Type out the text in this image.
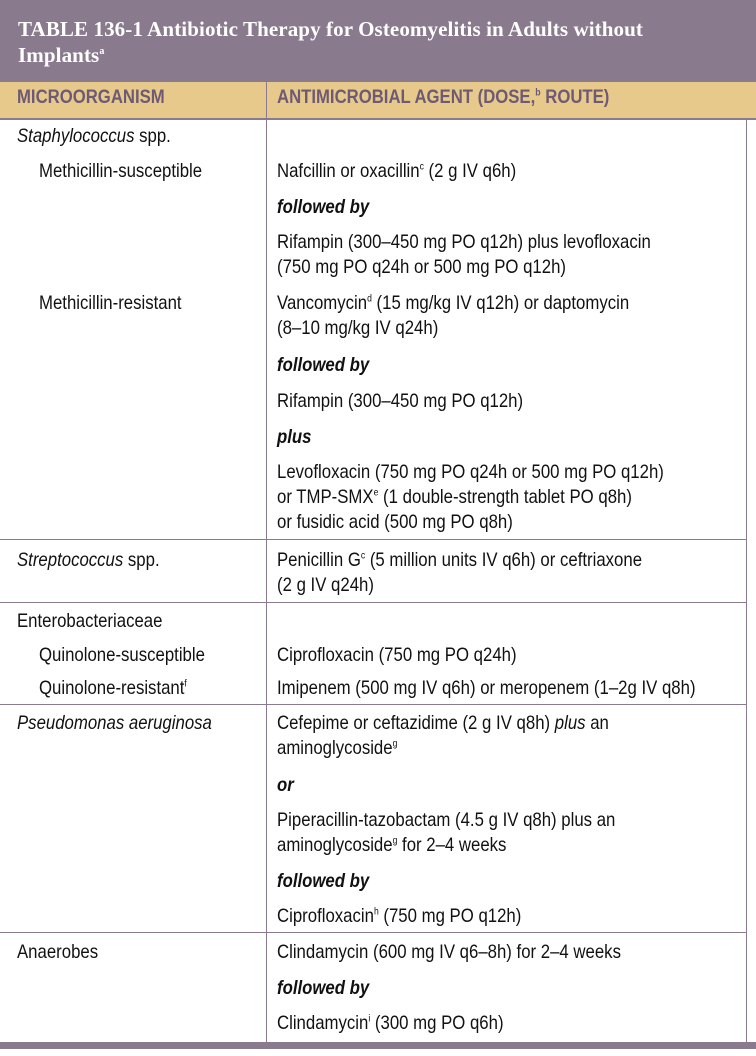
TABLE 136-1 Antibiotic Therapy for Osteomyelitis in Adults without
Implants$^a$
MICROORGANISM	ANTIMICROBIAL AGENT (DOSE,$^b$ ROUTE)
Staphylococcus spp.
Methicillin-susceptible	Nafcillin or oxacillin$^c$ (2 g IV q6h)
followed by
Rifampin (300–450 mg PO q12h) plus levofloxacin
(750 mg PO q24h or 500 mg PO q12h)
Methicillin-resistant	Vancomycin$^d$ (15 mg/kg IV q12h) or daptomycin
(8–10 mg/kg IV q24h)
followed by
Rifampin (300–450 mg PO q12h)
plus
Levofloxacin (750 mg PO q24h or 500 mg PO q12h)
or TMP-SMX$^e$ (1 double-strength tablet PO q8h)
or fusidic acid (500 mg PO q8h)
Streptococcus spp.	Penicillin $G^c$ (5 million units IV q6h) or ceftriaxone
(2 g IV q24h)
Enterobacteriaceae
Quinolone-susceptible	Ciprofloxacin (750 mg PO q24h)
Quinolone-resistant$^f$	Imipenem (500 mg IV q6h) or meropenem (1–2g IV q8h)
Pseudomonas aeruginosa	Cefepime or ceftazidime (2 g IV q8h) plus an
aminoglycoside$^g$
or
Piperacillin-tazobactam (4.5 g IV q8h) plus an
aminoglycoside$^g$ for 2–4 weeks
followed by
Ciprofloxacin$^h$ (750 mg PO q12h)
Anaerobes	Clindamycin (600 mg IV q6–8h) for 2–4 weeks
followed by
Clindamycin$^i$ (300 mg PO q6h)
